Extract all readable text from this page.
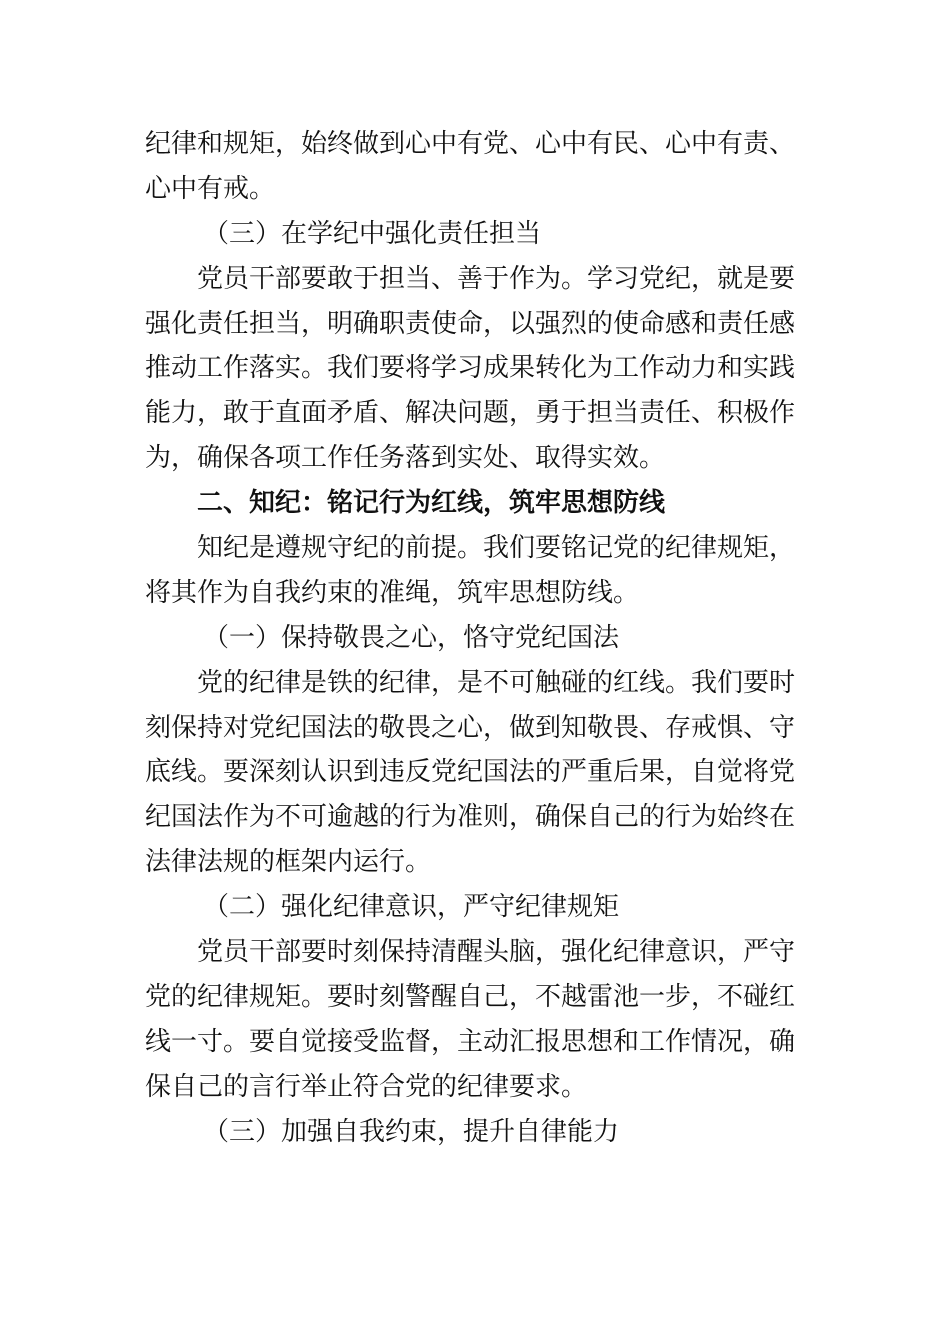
纪律和规矩，始终做到心中有党、心中有民、心中有责、
心中有戒。
（三）在学纪中强化责任担当
党员干部要敢于担当、善于作为。学习党纪，就是要
强化责任担当，明确职责使命，以强烈的使命感和责任感
推动工作落实。我们要将学习成果转化为工作动力和实践
能力，敢于直面矛盾、解决问题，勇于担当责任、积极作
为，确保各项工作任务落到实处、取得实效。
二、知纪：铭记行为红线，筑牢思想防线
知纪是遵规守纪的前提。我们要铭记党的纪律规矩，
将其作为自我约束的准绳，筑牢思想防线。
（一）保持敬畏之心，恪守党纪国法
党的纪律是铁的纪律，是不可触碰的红线。我们要时
刻保持对党纪国法的敬畏之心，做到知敬畏、存戒惧、守
底线。要深刻认识到违反党纪国法的严重后果，自觉将党
纪国法作为不可逾越的行为准则，确保自己的行为始终在
法律法规的框架内运行。
（二）强化纪律意识，严守纪律规矩
党员干部要时刻保持清醒头脑，强化纪律意识，严守
党的纪律规矩。要时刻警醒自己，不越雷池一步，不碰红
线一寸。要自觉接受监督，主动汇报思想和工作情况，确
保自己的言行举止符合党的纪律要求。
（三）加强自我约束，提升自律能力
